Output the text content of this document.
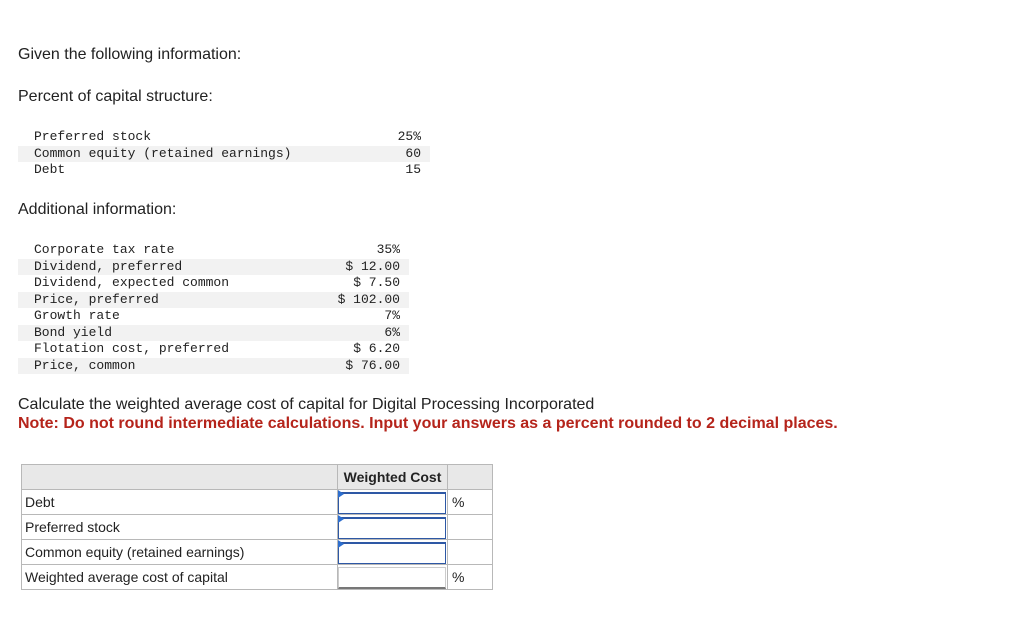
Given the following information:
Percent of capital structure:
Preferred stock	25%
Common equity (retained earnings)	60
Debt	15
Additional information:
Corporate tax rate	35%
Dividend, preferred	$ 12.00
Dividend, expected common	$ 7.50
Price, preferred	$ 102.00
Growth rate	7%
Bond yield	6%
Flotation cost, preferred	$ 6.20
Price, common	$ 76.00
Calculate the weighted average cost of capital for Digital Processing Incorporated
Note: Do not round intermediate calculations. Input your answers as a percent rounded to 2 decimal places.
	Weighted Cost	
Debt		%
Preferred stock	

Common equity (retained earnings)	

Weighted average cost of capital		%
